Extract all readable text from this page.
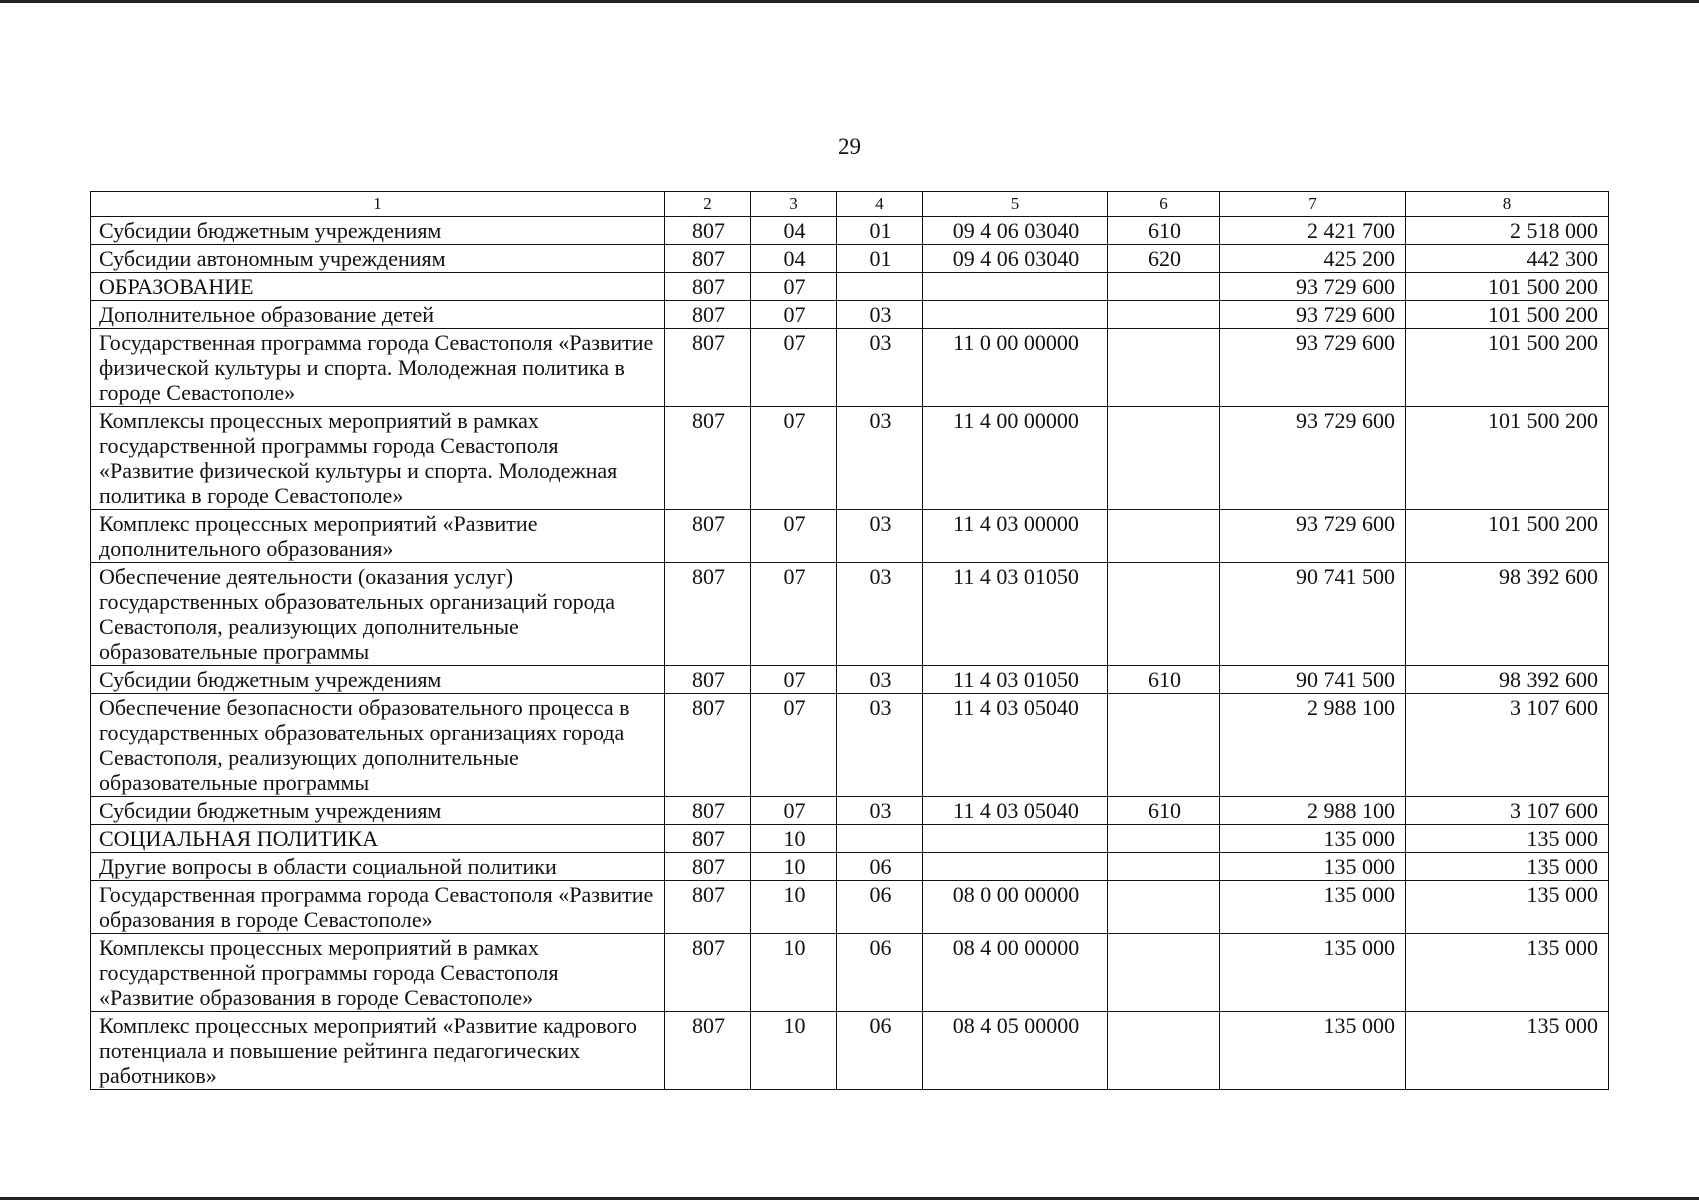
29
1	2	3	4	5	6	7	8
Субсидии бюджетным учреждениям	807	04	01	09 4 06 03040	610	2 421 700	2 518 000
Субсидии автономным учреждениям	807	04	01	09 4 06 03040	620	425 200	442 300
ОБРАЗОВАНИЕ	807	07				93 729 600	101 500 200
Дополнительное образование детей	807	07	03			93 729 600	101 500 200
Государственная программа города Севастополя «Развитие физической культуры и спорта. Молодежная политика в городе Севастополе»	807	07	03	11 0 00 00000		93 729 600	101 500 200
Комплексы процессных мероприятий в рамках государственной программы города Севастополя «Развитие физической культуры и спорта. Молодежная политика в городе Севастополе»	807	07	03	11 4 00 00000		93 729 600	101 500 200
Комплекс процессных мероприятий «Развитие дополнительного образования»	807	07	03	11 4 03 00000		93 729 600	101 500 200
Обеспечение деятельности (оказания услуг) государственных образовательных организаций города Севастополя, реализующих дополнительные образовательные программы	807	07	03	11 4 03 01050		90 741 500	98 392 600
Субсидии бюджетным учреждениям	807	07	03	11 4 03 01050	610	90 741 500	98 392 600
Обеспечение безопасности образовательного процесса в государственных образовательных организациях города Севастополя, реализующих дополнительные образовательные программы	807	07	03	11 4 03 05040		2 988 100	3 107 600
Субсидии бюджетным учреждениям	807	07	03	11 4 03 05040	610	2 988 100	3 107 600
СОЦИАЛЬНАЯ ПОЛИТИКА	807	10				135 000	135 000
Другие вопросы в области социальной политики	807	10	06			135 000	135 000
Государственная программа города Севастополя «Развитие образования в городе Севастополе»	807	10	06	08 0 00 00000		135 000	135 000
Комплексы процессных мероприятий в рамках государственной программы города Севастополя «Развитие образования в городе Севастополе»	807	10	06	08 4 00 00000		135 000	135 000
Комплекс процессных мероприятий «Развитие кадрового потенциала и повышение рейтинга педагогических работников»	807	10	06	08 4 05 00000		135 000	135 000
